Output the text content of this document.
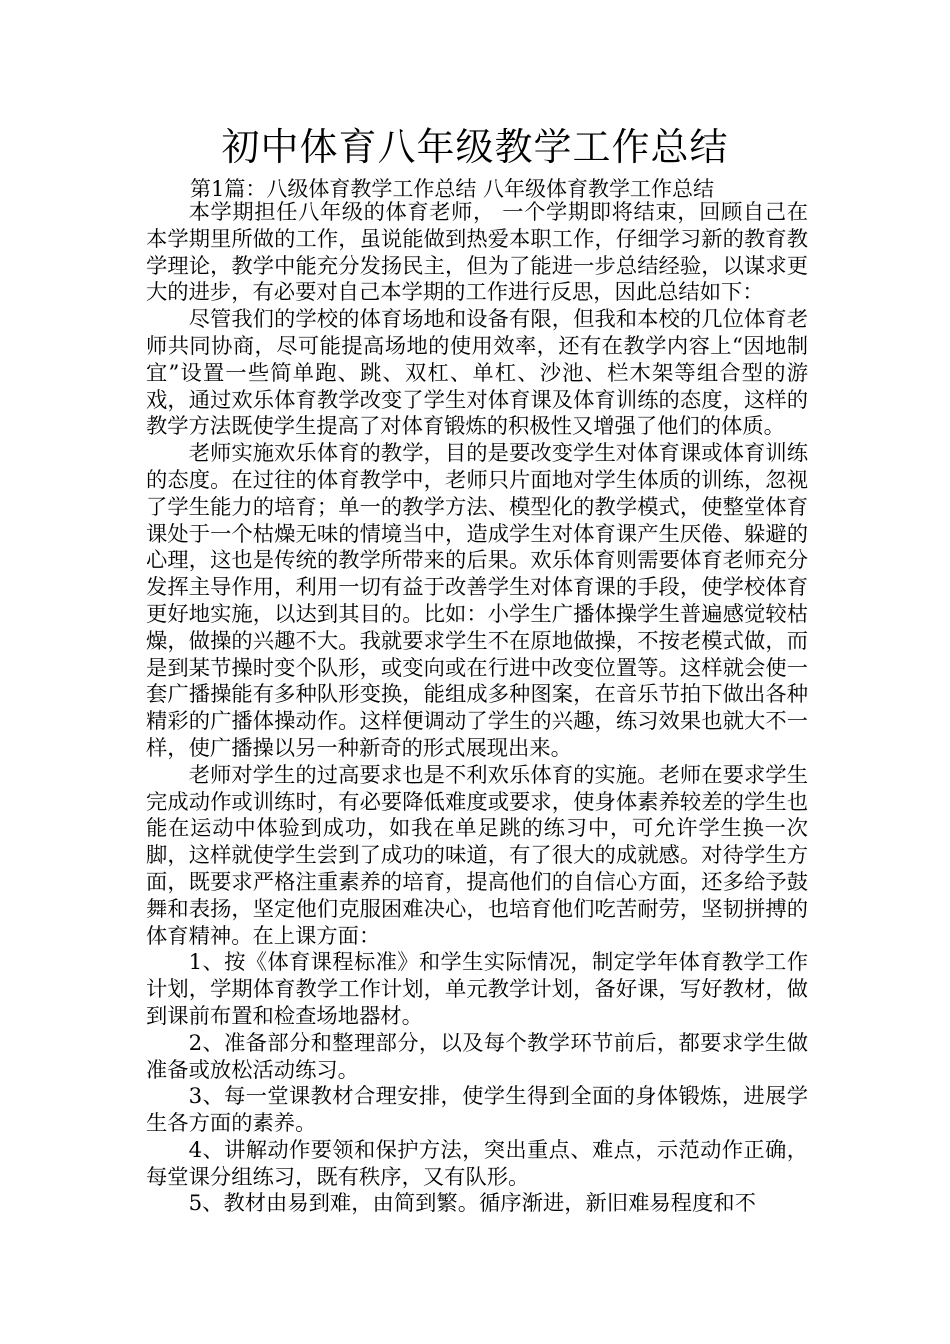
初中体育八年级教学工作总结
第1篇：八级体育教学工作总结 八年级体育教学工作总结

本学期担任八年级的体育老师， 一个学期即将结束，回顾自己在本学期里所做的工作，虽说能做到热爱本职工作，仔细学习新的教育教学理论，教学中能充分发扬民主，但为了能进一步总结经验，以谋求更大的进步，有必要对自己本学期的工作进行反思，因此总结如下：

尽管我们的学校的体育场地和设备有限，但我和本校的几位体育老师共同协商，尽可能提高场地的使用效率，还有在教学内容上“因地制宜”设置一些简单跑、跳、双杠、单杠、沙池、栏木架等组合型的游戏，通过欢乐体育教学改变了学生对体育课及体育训练的态度，这样的教学方法既使学生提高了对体育锻炼的积极性又增强了他们的体质。

老师实施欢乐体育的教学，目的是要改变学生对体育课或体育训练的态度。在过往的体育教学中，老师只片面地对学生体质的训练，忽视了学生能力的培育；单一的教学方法、模型化的教学模式，使整堂体育课处于一个枯燥无味的情境当中，造成学生对体育课产生厌倦、躲避的心理，这也是传统的教学所带来的后果。欢乐体育则需要体育老师充分发挥主导作用，利用一切有益于改善学生对体育课的手段，使学校体育更好地实施，以达到其目的。比如：小学生广播体操学生普遍感觉较枯燥，做操的兴趣不大。我就要求学生不在原地做操，不按老模式做，而是到某节操时变个队形，或变向或在行进中改变位置等。这样就会使一套广播操能有多种队形变换，能组成多种图案，在音乐节拍下做出各种精彩的广播体操动作。这样便调动了学生的兴趣，练习效果也就大不一样，使广播操以另一种新奇的形式展现出来。

老师对学生的过高要求也是不利欢乐体育的实施。老师在要求学生完成动作或训练时，有必要降低难度或要求，使身体素养较差的学生也能在运动中体验到成功，如我在单足跳的练习中，可允许学生换一次脚，这样就使学生尝到了成功的味道，有了很大的成就感。对待学生方面，既要求严格注重素养的培育，提高他们的自信心方面，还多给予鼓舞和表扬，坚定他们克服困难决心，也培育他们吃苦耐劳，坚韧拼搏的体育精神。在上课方面：

1、按《体育课程标准》和学生实际情况，制定学年体育教学工作计划，学期体育教学工作计划，单元教学计划，备好课，写好教材，做到课前布置和检查场地器材。

2、准备部分和整理部分，以及每个教学环节前后，都要求学生做准备或放松活动练习。

3、每一堂课教材合理安排，使学生得到全面的身体锻炼，进展学生各方面的素养。

4、讲解动作要领和保护方法，突出重点、难点，示范动作正确，每堂课分组练习，既有秩序，又有队形。

5、教材由易到难，由简到繁。循序渐进，新旧难易程度和不
